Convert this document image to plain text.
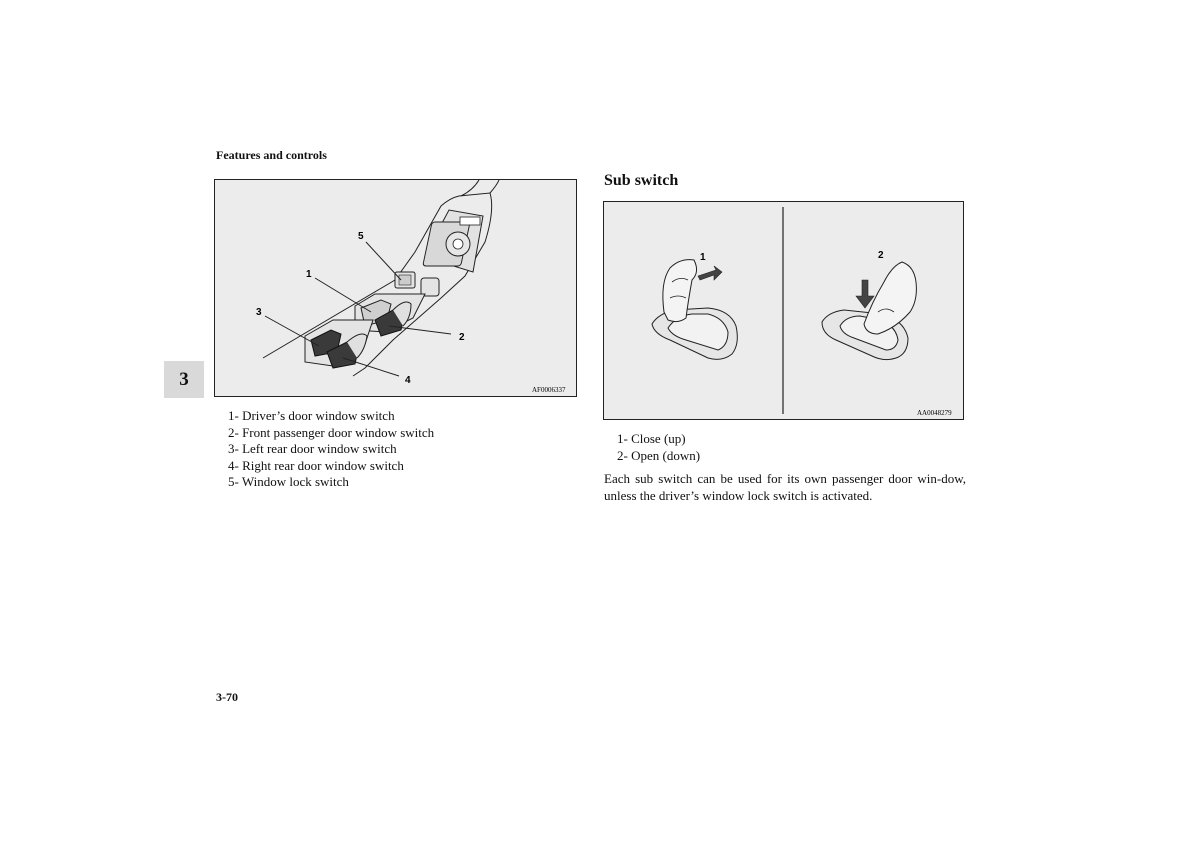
Features and controls
3
5
1
3
2
4
AF0006337
1- Driver’s door window switch
2- Front passenger door window switch
3- Left rear door window switch
4- Right rear door window switch
5- Window lock switch
Sub switch
1	2
AA0048279
1- Close (up)
2- Open (down)
Each sub switch can be used for its own passenger door win-dow, unless the driver’s window lock switch is activated.
3-70
